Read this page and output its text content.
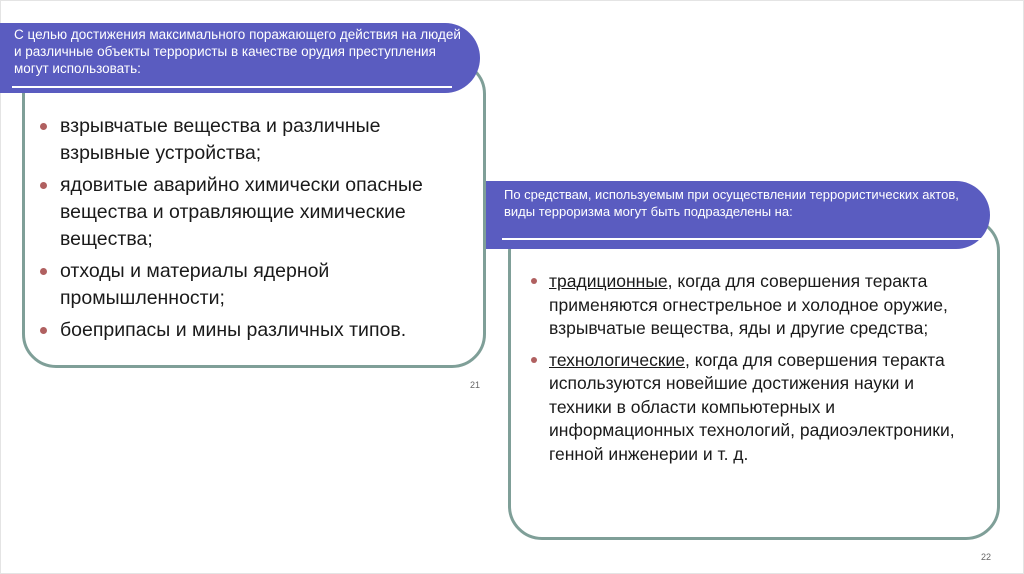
С целью достижения максимального поражающего действия на людей и различные объекты террористы в качестве орудия преступления могут использовать:
взрывчатые вещества и различные взрывные устройства;
ядовитые аварийно химически опасные вещества и отравляющие химические вещества;
отходы и материалы ядерной промышленности;
боеприпасы и мины различных типов.
21
По средствам, используемым при осуществлении террористических актов, виды терроризма могут быть подразделены на:
традиционные, когда для совершения теракта применяются огнестрельное и холодное оружие, взрывчатые вещества, яды и другие средства;
технологические, когда для совершения теракта используются новейшие достижения науки и техники в области компьютерных и информационных технологий, радиоэлектроники, генной инженерии и т. д.
22
